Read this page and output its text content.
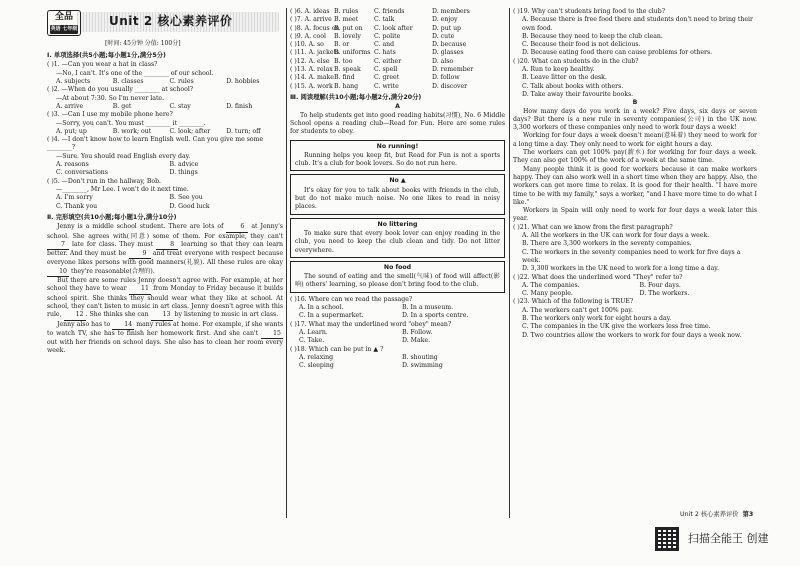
全品
英语 七年级
Unit 2 核心素养评价
[时间: 45分钟 分值: 100分]
Ⅰ. 单项选择(共5小题;每小题1分,满分5分)
( )1. —Can you wear a hat in class?
—No, I can't. It's one of the ________ of our school.
A. subjects	B. classes	C. rules	D. hobbies
( )2. —When do you usually ________ at school?
—At about 7:30. So I'm never late.
A. arrive	B. get	C. stay	D. finish
( )3. —Can I use my mobile phone here?
—Sorry, you can't. You must ________ it ________.
A. put; up	B. work; out	C. look; after	D. turn; off
( )4. —I don't know how to learn English well. Can you give me some ________?
—Sure. You should read English every day.
A. reasons	B. advice
C. conversations	D. things
( )5. —Don't run in the hallway, Bob.
—________, Mr Lee. I won't do it next time.
A. I'm sorry	B. See you
C. Thank you	D. Good luck
Ⅱ. 完形填空(共10小题;每小题1分,满分10分)

Jenny is a middle school student. There are lots of	6 at Jenny's school. She agrees with(同意) some of them. For example, they can't 7 late for class. They must	8 learning so that they can learn better. And they must be	9 and treat everyone with respect because everyone likes persons with good manners(礼貌). All these rules are okay 10 they're reasonable(合理的).

But there are some rules Jenny doesn't agree with. For example, at her school they have to wear 11 from Monday to Friday because it builds school spirit. She thinks they should wear what they like at school. At school, they can't listen to music in art class. Jenny doesn't agree with this rule, 12 . She thinks she can 13 by listening to music in art class.

Jenny also has to 14 many rules at home. For example, if she wants to watch TV, she has to finish her homework first. And she can't 15 out with her friends on school days. She also has to clean her room every week.

( )6. A. ideas B. rules	C. friends	D. members
( )7. A. arrive B. meet	C. talk	D. enjoy
( )8. A. focus on
B. put on	C. look after	D. put up
( )9. A. cool	B. lovely	C. polite	D. cute
( )10. A. so	B. or	C. and	D. because
( )11. A. jackets
B. uniforms C. hats	D. glasses
( )12. A. else B. too	C. either	D. also
( )13. A. relax B. speak	C. spell	D. remember
( )14. A. make B. find	C. greet	D. follow
( )15. A. work B. hang	C. write	D. discover
Ⅲ. 阅读理解(共10小题;每小题2分,满分20分)
A

To help students get into good reading habits(习惯), No. 6 Middle School opens a reading club—Read for Fun. Here are some rules for students to obey.

No running!

Running helps you keep fit, but Read for Fun is not a sports club. It's a club for book lovers. So do not run here.

No ▲

It's okay for you to talk about books with friends in the club, but do not make much noise. No one likes to read in noisy places.

No littering

To make sure that every book lover can enjoy reading in the club, you need to keep the club clean and tidy. Do not litter everywhere.

No food

The sound of eating and the smell(气味) of food will affect(影响) others' learning, so please don't bring food to the club.

( )16. Where can we read the passage?
A. In a school.	B. In a museum.
C. In a supermarket.	D. In a sports centre.
( )17. What may the underlined word "obey" mean?
A. Learn.	B. Follow.
C. Take.	D. Make.
( )18. Which can be put in ▲ ?
A. relaxing	B. shouting
C. sleeping	D. swimming
( )19. Why can't students bring food to the club?
A. Because there is free food there and students don't need to bring their own food.
B. Because they need to keep the club clean.
C. Because their food is not delicious.
D. Because eating food there can cause problems for others.
( )20. What can students do in the club?
A. Run to keep healthy.
B. Leave litter on the desk.
C. Talk about books with others.
D. Take away their favourite books.
B

How many days do you work in a week? Five days, six days or seven days? But there is a new rule in seventy companies(公司) in the UK now. 3,300 workers of these companies only need to work four days a week!

Working for four days a week doesn't mean(意味着) they need to work for a long time a day. They only need to work for eight hours a day.

The workers can get 100% pay(薪水) for working for four days a week. They can also get 100% of the work of a week at the same time.

Many people think it is good for workers because it can make workers happy. They can also work well in a short time when they are happy. Also, the workers can get more time to relax. It is good for their health. "I have more time to be with my family," says a worker, "and I have more time to do what I like."

Workers in Spain will only need to work for four days a week later this year.

( )21. What can we know from the first paragraph?
A. All the workers in the UK can work for four days a week.
B. There are 3,300 workers in the seventy companies.
C. The workers in the seventy companies need to work for five days a week.
D. 3,300 workers in the UK need to work for a long time a day.
( )22. What does the underlined word "They" refer to?
A. The companies.	B. Four days.
C. Many people.	D. The workers.
( )23. Which of the following is TRUE?
A. The workers can't get 100% pay.
B. The workers only work for eight hours a day.
C. The companies in the UK give the workers less free time.
D. Two countries allow the workers to work for four days a week now.
Unit 2 核心素养评价 第3
扫描全能王 创建
